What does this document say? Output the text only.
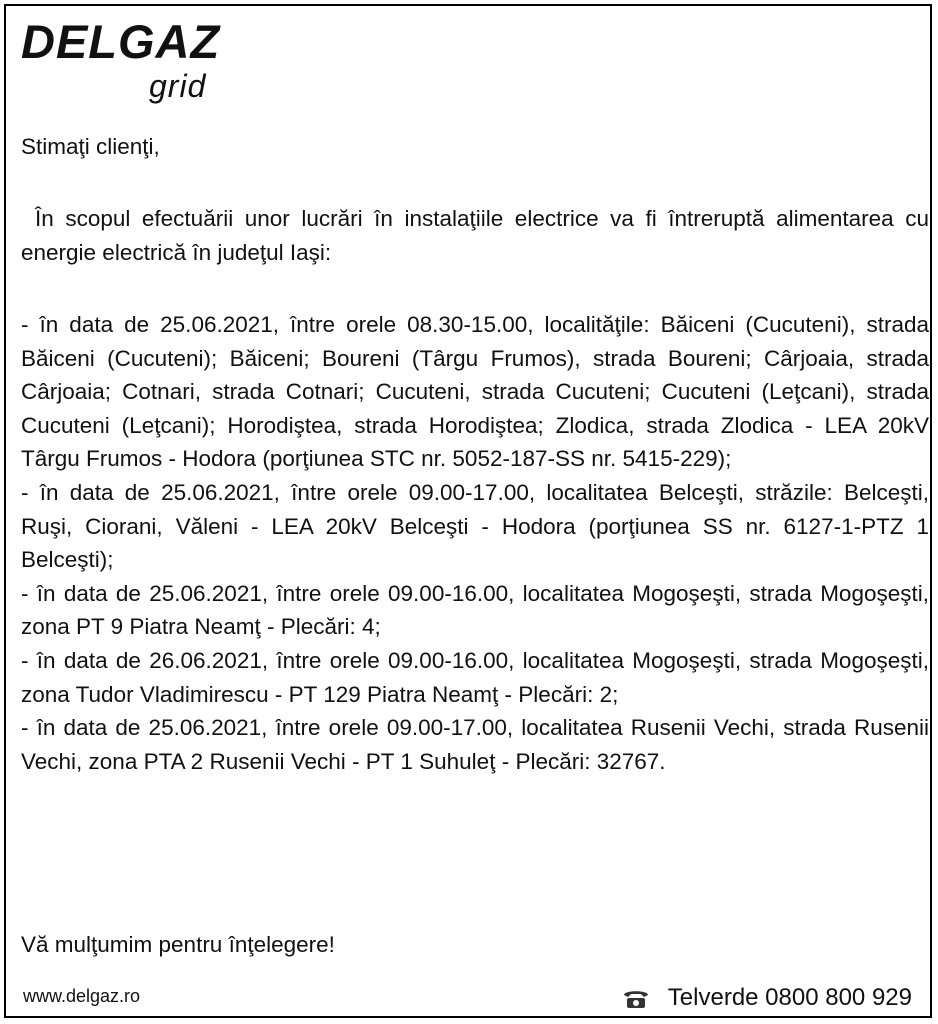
DELGAZ
grid
Stimaţi clienţi,
În scopul efectuării unor lucrări în instalaţiile electrice va fi întreruptă alimentarea cu energie electrică în judeţul Iaşi:

- în data de 25.06.2021, între orele 08.30-15.00, localităţile: Băiceni (Cucuteni), strada Băiceni (Cucuteni); Băiceni; Boureni (Târgu Frumos), strada Boureni; Cârjoaia, strada Cârjoaia; Cotnari, strada Cotnari; Cucuteni, strada Cucuteni; Cucuteni (Leţcani), strada Cucuteni (Leţcani); Horodiştea, strada Horodiştea; Zlodica, strada Zlodica - LEA 20kV Târgu Frumos - Hodora (porţiunea STC nr. 5052-187-SS nr. 5415-229);

- în data de 25.06.2021, între orele 09.00-17.00, localitatea Belceşti, străzile: Belceşti, Ruşi, Ciorani, Văleni - LEA 20kV Belceşti - Hodora (porţiunea SS nr. 6127-1-PTZ 1 Belceşti);

- în data de 25.06.2021, între orele 09.00-16.00, localitatea Mogoşeşti, strada Mogoşeşti, zona PT 9 Piatra Neamţ - Plecări: 4;

- în data de 26.06.2021, între orele 09.00-16.00, localitatea Mogoşeşti, strada Mogoşeşti, zona Tudor Vladimirescu - PT 129 Piatra Neamţ - Plecări: 2;

- în data de 25.06.2021, între orele 09.00-17.00, localitatea Rusenii Vechi, strada Rusenii Vechi, zona PTA 2 Rusenii Vechi - PT 1 Suhuleţ - Plecări: 32767.

Vă mulţumim pentru înţelegere!
www.delgaz.ro	Telverde 0800 800 929
